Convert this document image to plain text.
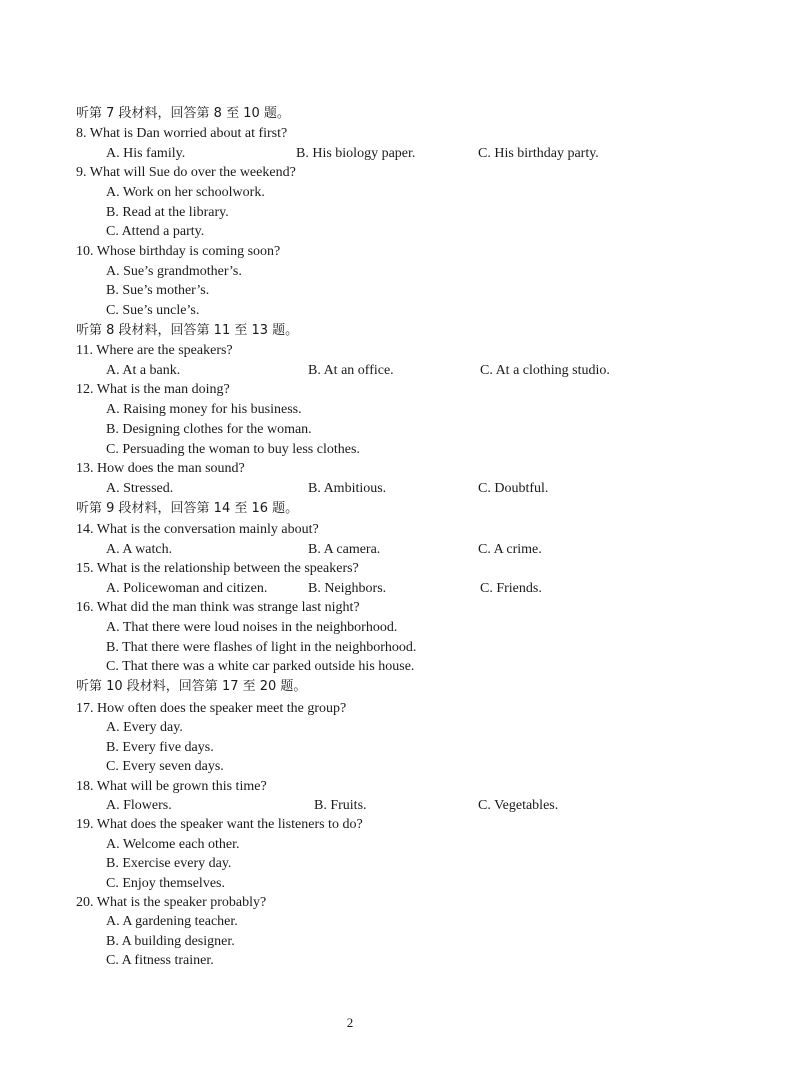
听第 7 段材料，回答第 8 至 10 题。
8. What is Dan worried about at first?
A. His family.	B. His biology paper.	C. His birthday party.
9. What will Sue do over the weekend?
A. Work on her schoolwork.
B. Read at the library.
C. Attend a party.
10. Whose birthday is coming soon?
A. Sue’s grandmother’s.
B. Sue’s mother’s.
C. Sue’s uncle’s.
听第 8 段材料，回答第 11 至 13 题。
11. Where are the speakers?
A. At a bank.	B. At an office.	C. At a clothing studio.
12. What is the man doing?
A. Raising money for his business.
B. Designing clothes for the woman.
C. Persuading the woman to buy less clothes.
13. How does the man sound?
A. Stressed.	B. Ambitious.	C. Doubtful.
听第 9 段材料，回答第 14 至 16 题。
14. What is the conversation mainly about?
A. A watch.	B. A camera.	C. A crime.
15. What is the relationship between the speakers?
A. Policewoman and citizen.	B. Neighbors.	C. Friends.
16. What did the man think was strange last night?
A. That there were loud noises in the neighborhood.
B. That there were flashes of light in the neighborhood.
C. That there was a white car parked outside his house.
听第 10 段材料，回答第 17 至 20 题。
17. How often does the speaker meet the group?
A. Every day.
B. Every five days.
C. Every seven days.
18. What will be grown this time?
A. Flowers.	B. Fruits.	C. Vegetables.
19. What does the speaker want the listeners to do?
A. Welcome each other.
B. Exercise every day.
C. Enjoy themselves.
20. What is the speaker probably?
A. A gardening teacher.
B. A building designer.
C. A fitness trainer.
2
